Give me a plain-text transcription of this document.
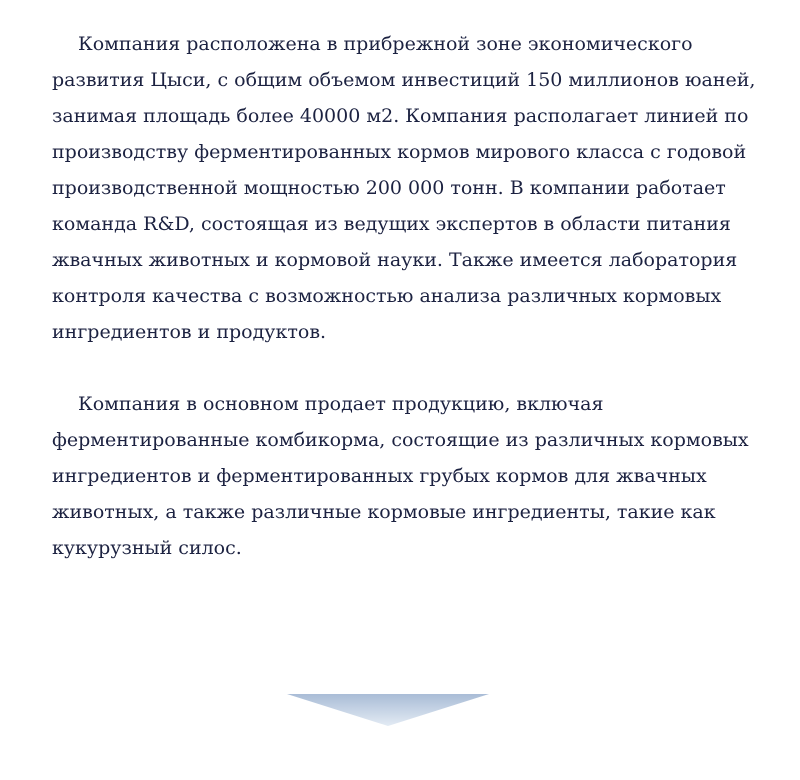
Компания расположена в прибрежной зоне экономического развития Цыси, с общим объемом инвестиций 150 миллионов юаней, занимая площадь более 40000 м2. Компания располагает линией по производству ферментированных кормов мирового класса с годовой производственной мощностью 200 000 тонн. В компании работает команда R&D, состоящая из ведущих экспертов в области питания жвачных животных и кормовой науки. Также имеется лаборатория контроля качества с возможностью анализа различных кормовых ингредиентов и продуктов.

Компания в основном продает продукцию, включая ферментированные комбикорма, состоящие из различных кормовых ингредиентов и ферментированных грубых кормов для жвачных животных, а также различные кормовые ингредиенты, такие как кукурузный силос.
